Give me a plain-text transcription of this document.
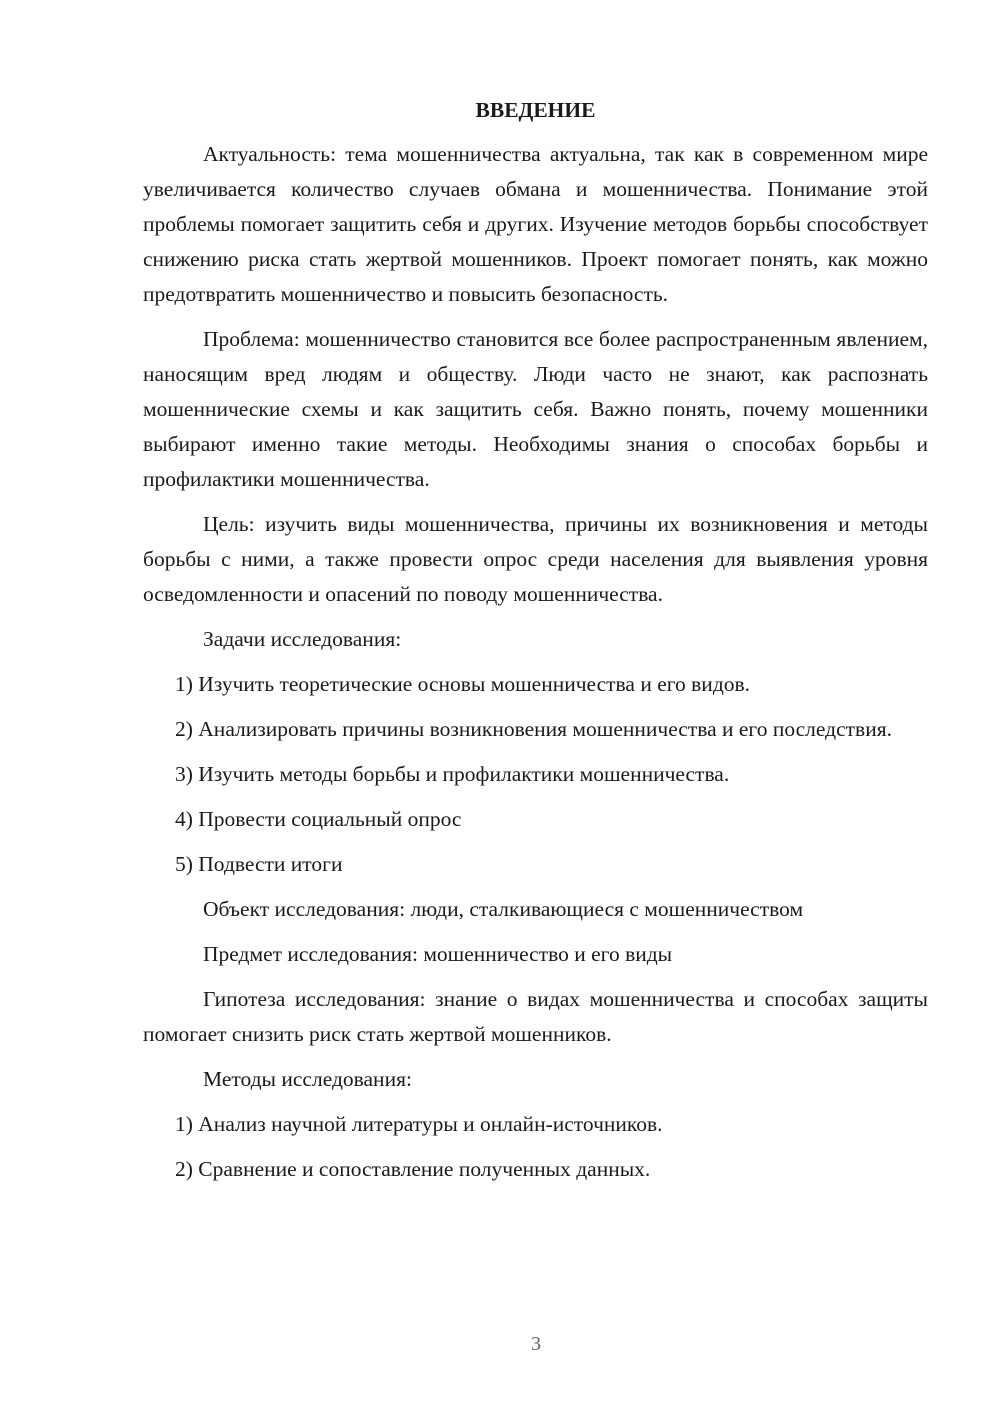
ВВЕДЕНИЕ

Актуальность: тема мошенничества актуальна, так как в современном мире увеличивается количество случаев обмана и мошенничества. Понимание этой проблемы помогает защитить себя и других. Изучение методов борьбы способствует снижению риска стать жертвой мошенников. Проект помогает понять, как можно предотвратить мошенничество и повысить безопасность.

Проблема: мошенничество становится все более распространенным явлением, наносящим вред людям и обществу. Люди часто не знают, как распознать мошеннические схемы и как защитить себя. Важно понять, почему мошенники выбирают именно такие методы. Необходимы знания о способах борьбы и профилактики мошенничества.

Цель: изучить виды мошенничества, причины их возникновения и методы борьбы с ними, а также провести опрос среди населения для выявления уровня осведомленности и опасений по поводу мошенничества.

Задачи исследования:

1) Изучить теоретические основы мошенничества и его видов.

2) Анализировать причины возникновения мошенничества и его последствия.

3) Изучить методы борьбы и профилактики мошенничества.

4) Провести социальный опрос

5) Подвести итоги

Объект исследования: люди, сталкивающиеся с мошенничеством

Предмет исследования: мошенничество и его виды

Гипотеза исследования: знание о видах мошенничества и способах защиты помогает снизить риск стать жертвой мошенников.

Методы исследования:

1) Анализ научной литературы и онлайн-источников.

2) Сравнение и сопоставление полученных данных.

3
